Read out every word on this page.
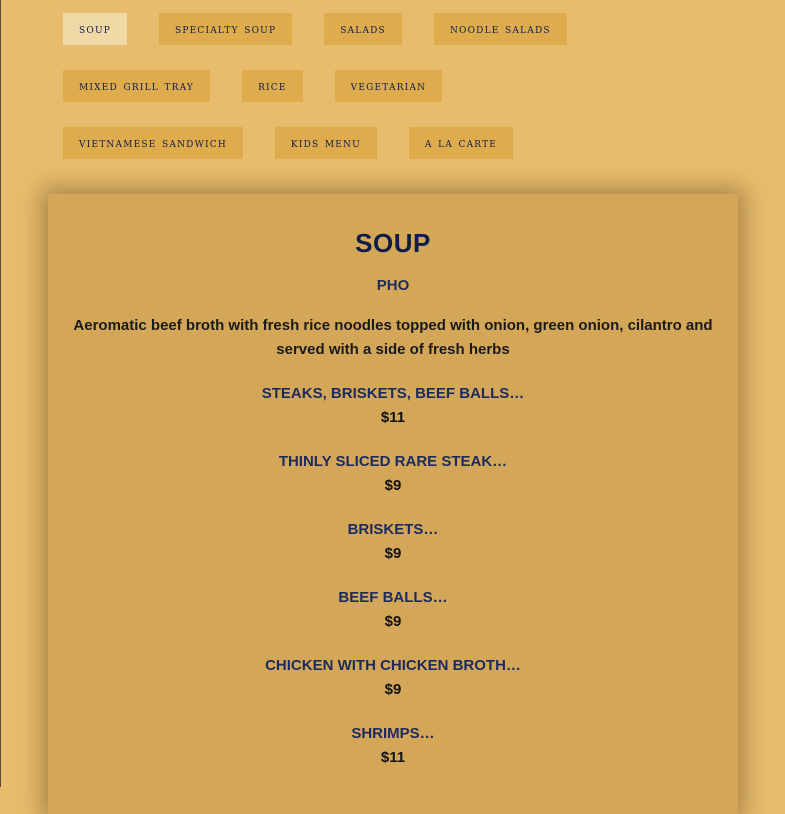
soup	specialty soup	salads	noodle salads
mixed grill tray	rice	vegetarian
vietnamese sandwich	kids menu	a la carte
SOUP
PHO
Aeromatic beef broth with fresh rice noodles topped with onion, green onion, cilantro and served with a side of fresh herbs
STEAKS, BRISKETS, BEEF BALLS…
$11
THINLY SLICED RARE STEAK…
$9
BRISKETS…
$9
BEEF BALLS…
$9
CHICKEN WITH CHICKEN BROTH…
$9
SHRIMPS…
$11
